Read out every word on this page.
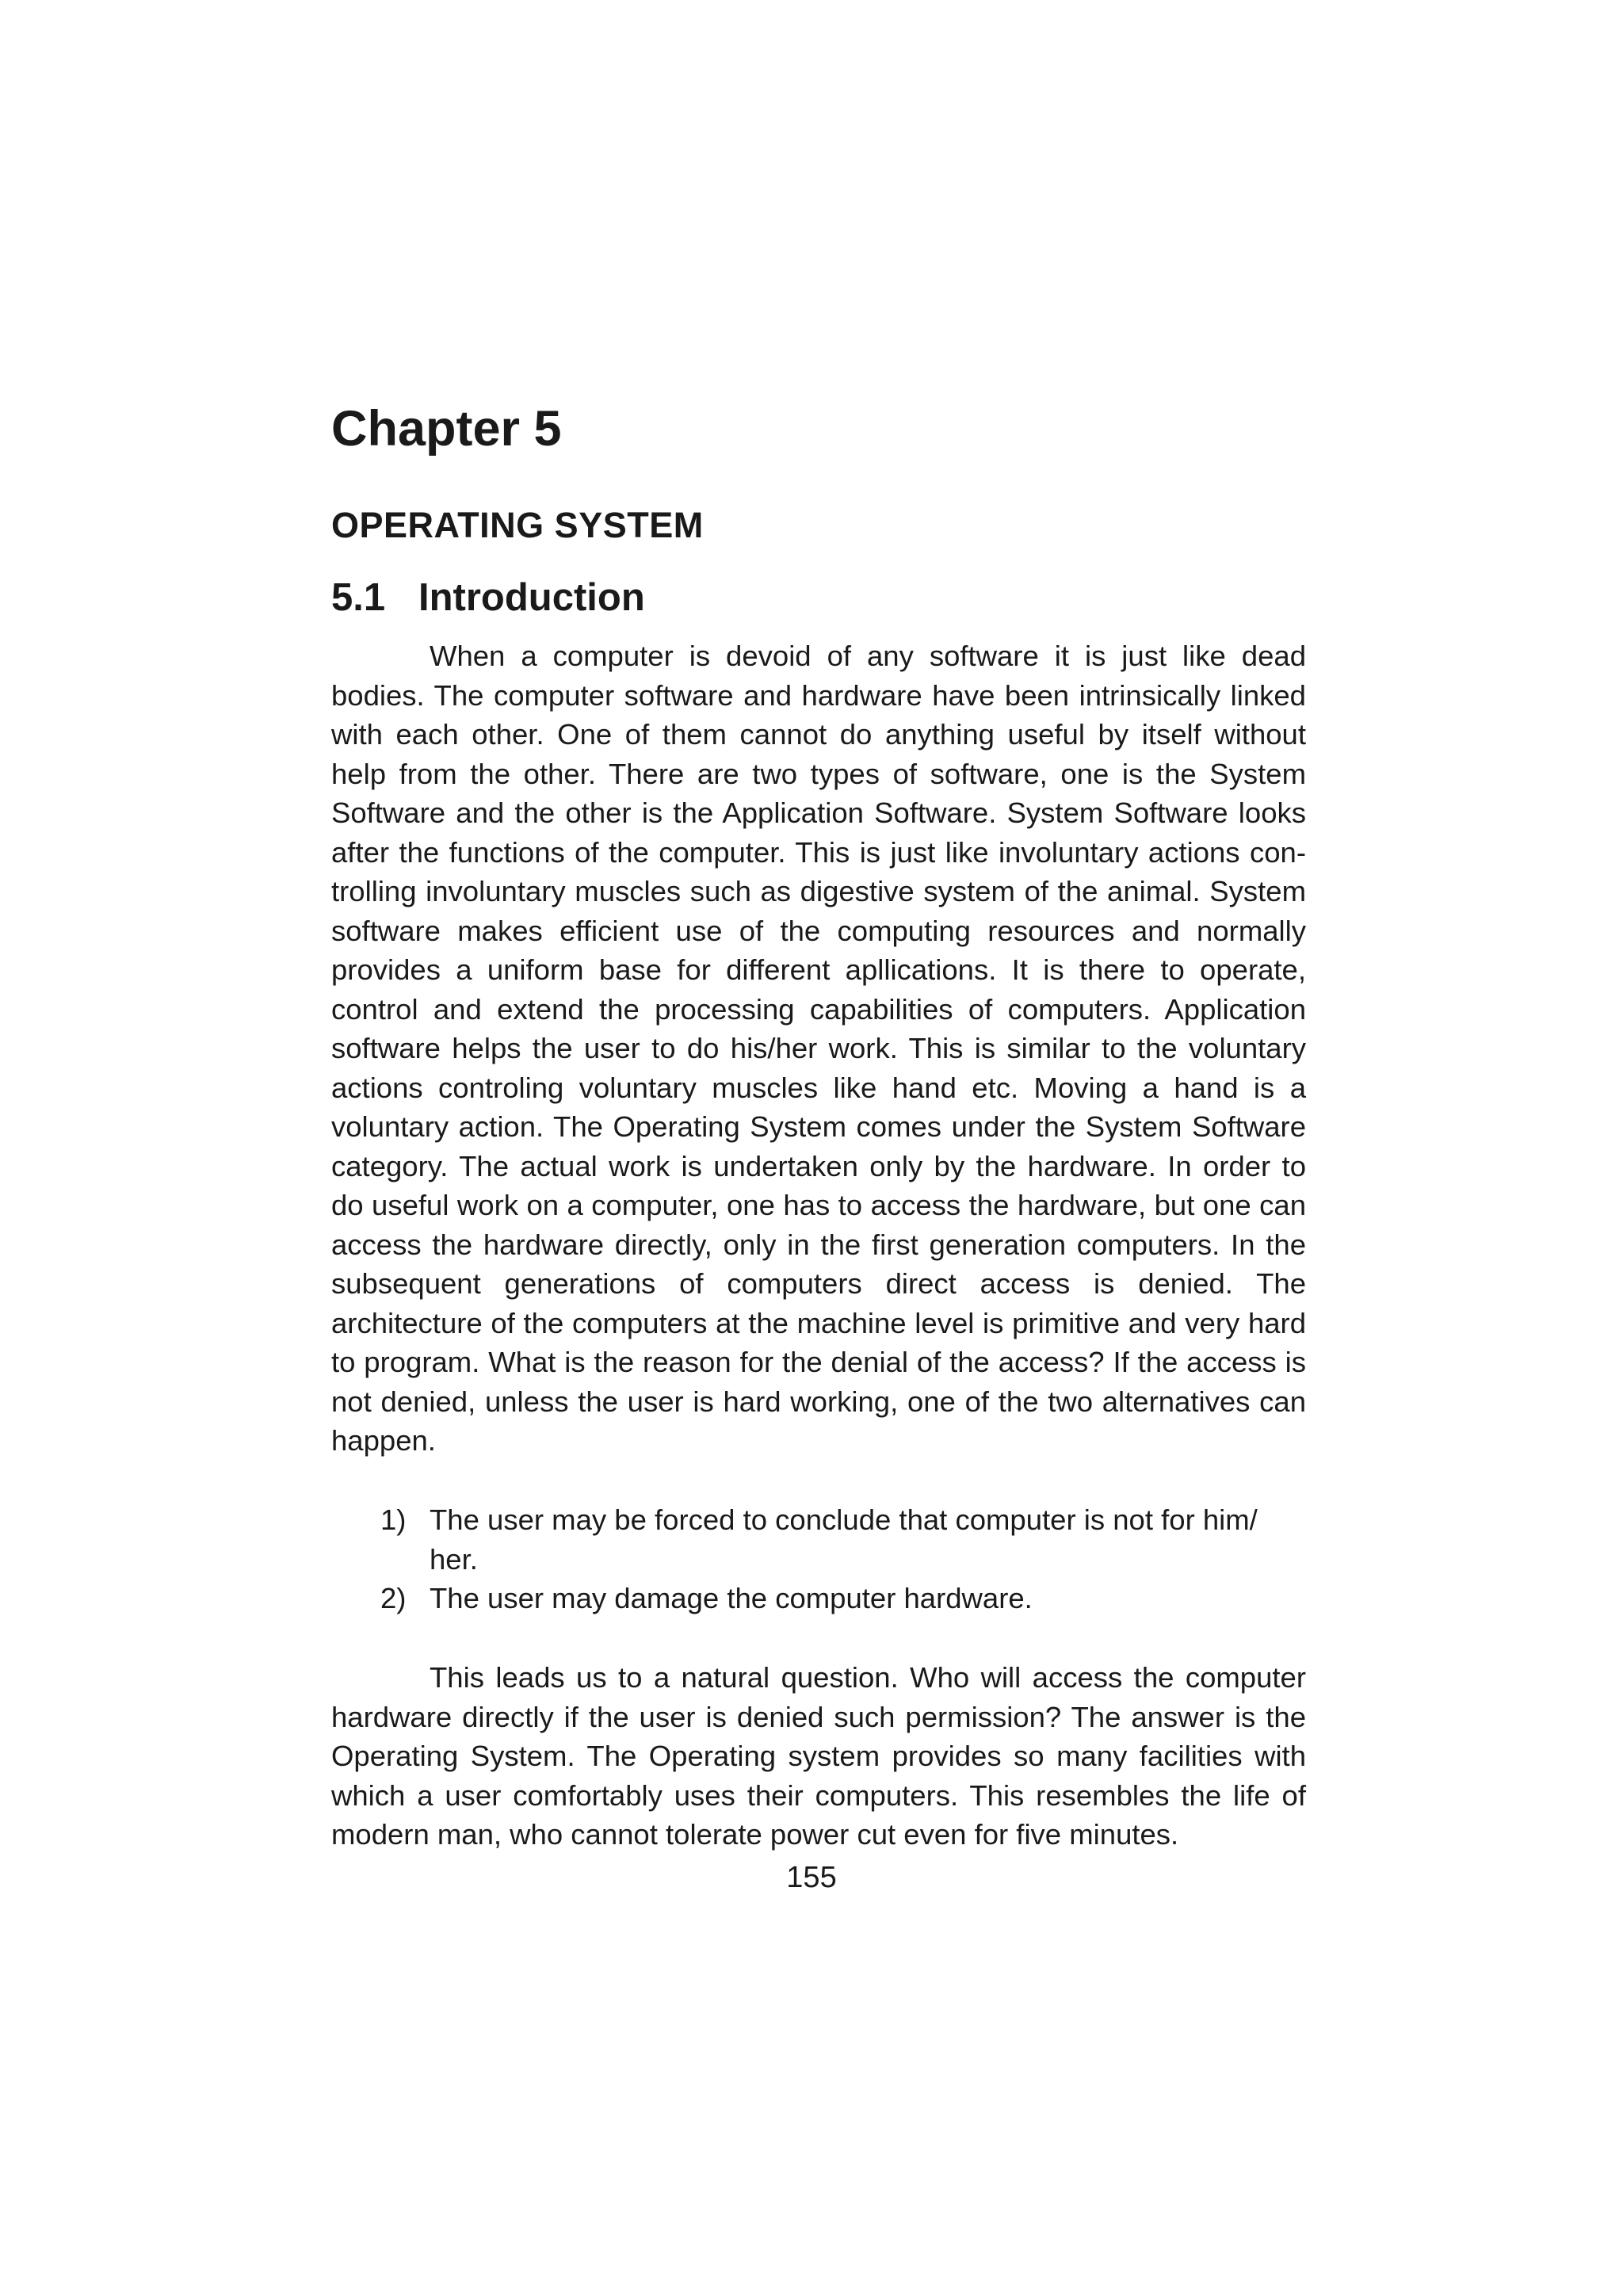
Chapter 5
OPERATING SYSTEM
5.1 Introduction

When a computer is devoid of any software it is just like dead bodies. The computer software and hardware have been intrinsically linked with each other. One of them cannot do anything useful by itself without help from the other. There are two types of software, one is the System Software and the other is the Application Software. System Software looks after the functions of the computer. This is just like involuntary actions controlling involuntary muscles such as digestive system of the animal. System software makes efficient use of the computing resources and normally provides a uniform base for different apllications. It is there to operate, control and extend the processing capabilities of computers. Application software helps the user to do his/her work. This is similar to the voluntary actions controling voluntary muscles like hand etc. Moving a hand is a voluntary action. The Operating System comes under the System Software category. The actual work is undertaken only by the hardware. In order to do useful work on a computer, one has to access the hardware, but one can access the hardware directly, only in the first generation computers. In the subsequent generations of computers direct access is denied. The architecture of the computers at the machine level is primitive and very hard to program. What is the reason for the denial of the access? If the access is not denied, unless the user is hard working, one of the two alternatives can happen.

1) The user may be forced to conclude that computer is not for him/ her.
2) The user may damage the computer hardware.

This leads us to a natural question. Who will access the computer hardware directly if the user is denied such permission? The answer is the Operating System. The Operating system provides so many facilities with which a user comfortably uses their computers. This resembles the life of modern man, who cannot tolerate power cut even for five minutes.

155
